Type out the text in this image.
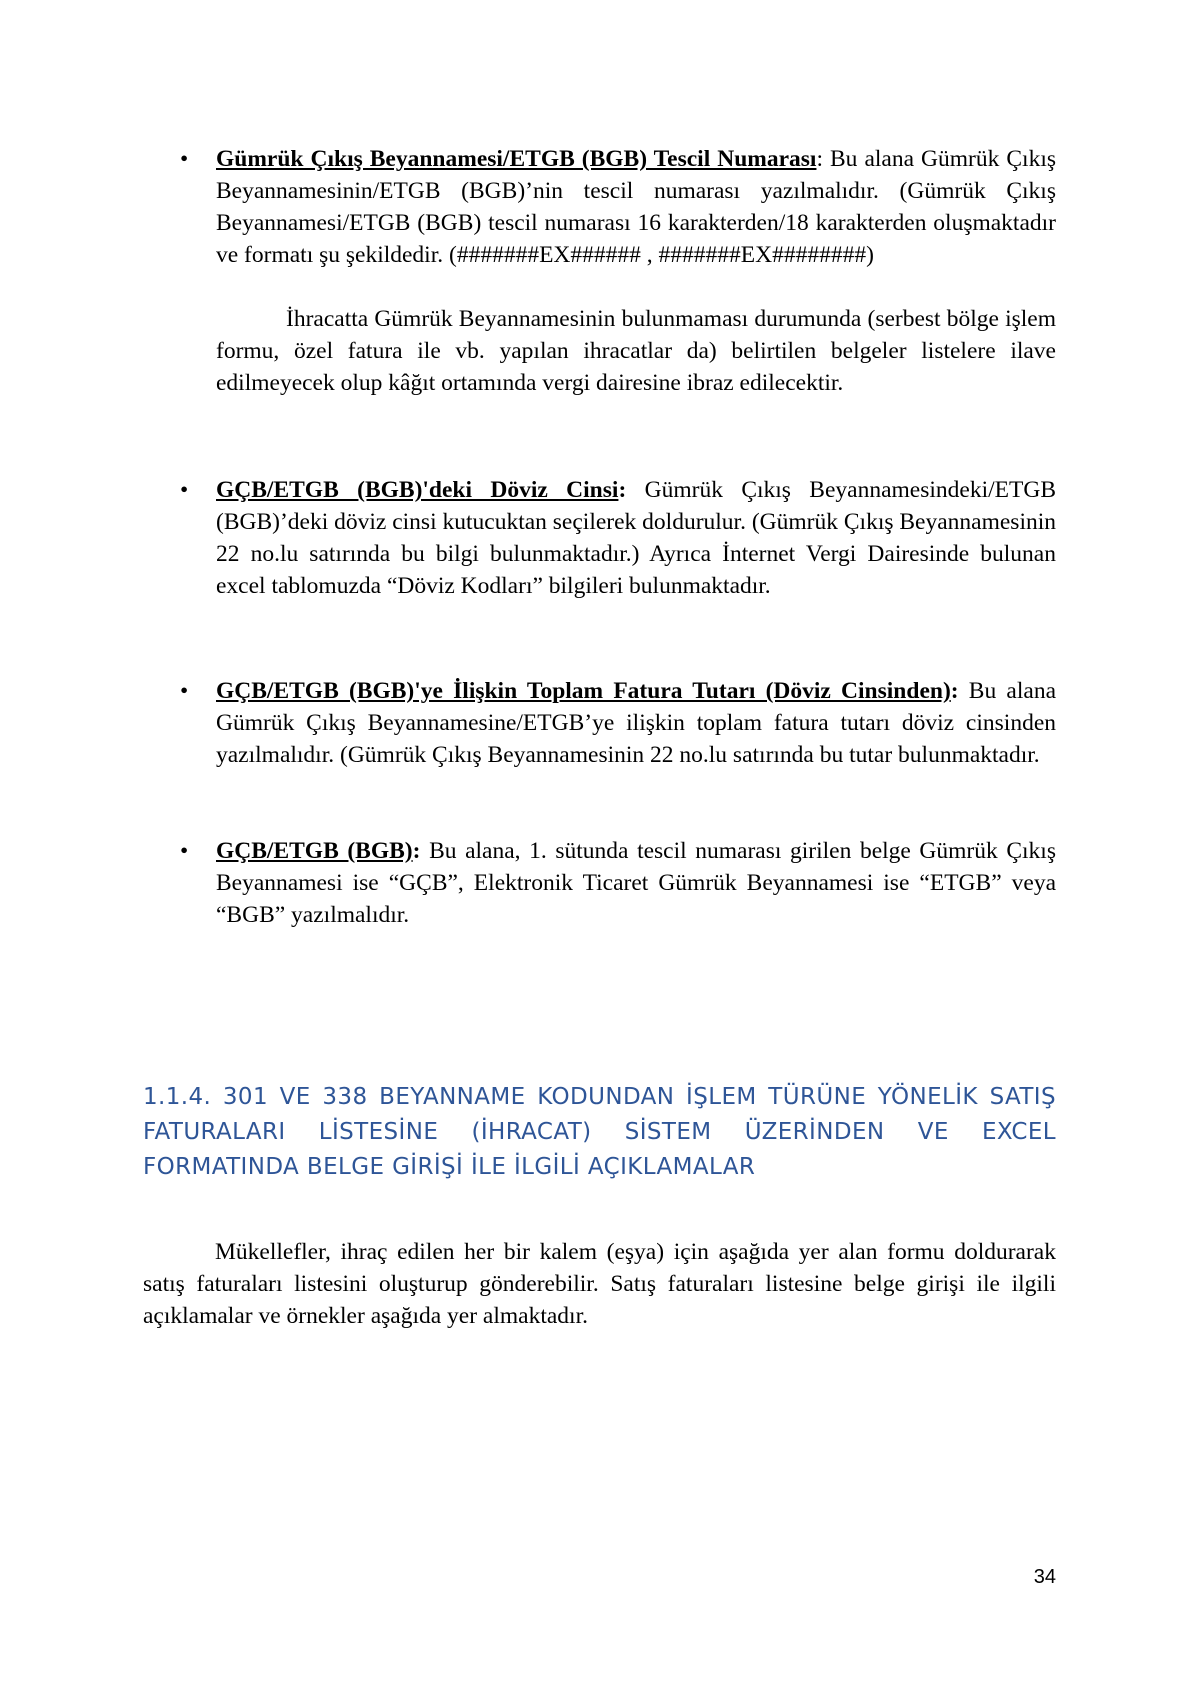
• Gümrük Çıkış Beyannamesi/ETGB (BGB) Tescil Numarası: Bu alana Gümrük Çıkış Beyannamesinin/ETGB (BGB)’nin tescil numarası yazılmalıdır. (Gümrük Çıkış Beyannamesi/ETGB (BGB) tescil numarası 16 karakterden/18 karakterden oluşmaktadır ve formatı şu şekildedir. (#######EX###### , #######EX########)
İhracatta Gümrük Beyannamesinin bulunmaması durumunda (serbest bölge işlem formu, özel fatura ile vb. yapılan ihracatlar da) belirtilen belgeler listelere ilave edilmeyecek olup kâğıt ortamında vergi dairesine ibraz edilecektir.
• GÇB/ETGB (BGB)'deki Döviz Cinsi: Gümrük Çıkış Beyannamesindeki/ETGB (BGB)’deki döviz cinsi kutucuktan seçilerek doldurulur. (Gümrük Çıkış Beyannamesinin 22 no.lu satırında bu bilgi bulunmaktadır.) Ayrıca İnternet Vergi Dairesinde bulunan excel tablomuzda “Döviz Kodları” bilgileri bulunmaktadır.
• GÇB/ETGB (BGB)'ye İlişkin Toplam Fatura Tutarı (Döviz Cinsinden): Bu alana Gümrük Çıkış Beyannamesine/ETGB’ye ilişkin toplam fatura tutarı döviz cinsinden yazılmalıdır. (Gümrük Çıkış Beyannamesinin 22 no.lu satırında bu tutar bulunmaktadır.
• GÇB/ETGB (BGB): Bu alana, 1. sütunda tescil numarası girilen belge Gümrük Çıkış Beyannamesi ise “GÇB”, Elektronik Ticaret Gümrük Beyannamesi ise “ETGB” veya “BGB” yazılmalıdır.
1.1.4. 301 VE 338 BEYANNAME KODUNDAN İŞLEM TÜRÜNE YÖNELİK SATIŞ FATURALARI LİSTESİNE (İHRACAT) SİSTEM ÜZERİNDEN VE EXCEL FORMATINDA BELGE GİRİŞİ İLE İLGİLİ AÇIKLAMALAR
Mükellefler, ihraç edilen her bir kalem (eşya) için aşağıda yer alan formu doldurarak satış faturaları listesini oluşturup gönderebilir. Satış faturaları listesine belge girişi ile ilgili açıklamalar ve örnekler aşağıda yer almaktadır.
34
